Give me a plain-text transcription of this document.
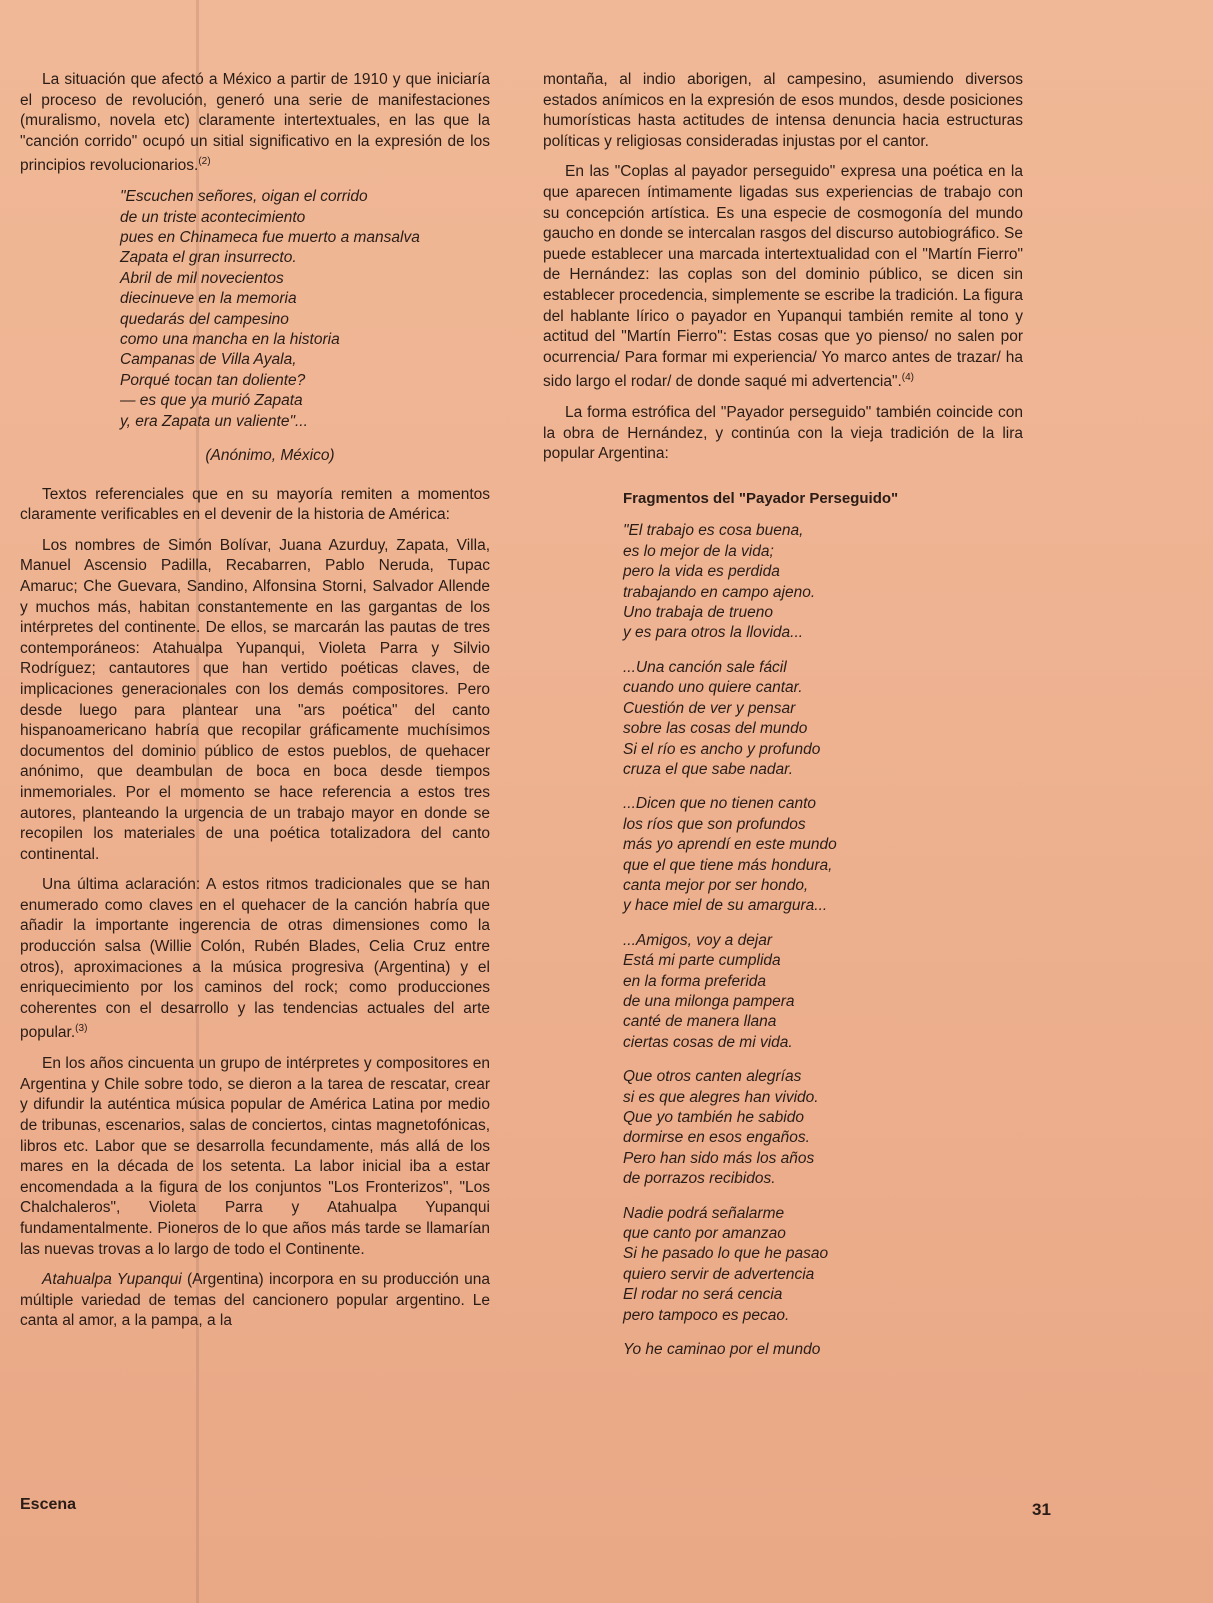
La situación que afectó a México a partir de 1910 y que iniciaría el proceso de revolución, generó una serie de manifestaciones (muralismo, novela etc) claramente intertextuales, en las que la "canción corrido" ocupó un sitial significativo en la expresión de los principios revolucionarios.$^{(2)}$

"Escuchen señores, oigan el corrido
de un triste acontecimiento
pues en Chinameca fue muerto a mansalva
Zapata el gran insurrecto.
Abril de mil novecientos
diecinueve en la memoria
quedarás del campesino
como una mancha en la historia
Campanas de Villa Ayala,
Porqué tocan tan doliente?
— es que ya murió Zapata
y, era Zapata un valiente"...
(Anónimo, México)

Textos referenciales que en su mayoría remiten a momentos claramente verificables en el devenir de la historia de América:

Los nombres de Simón Bolívar, Juana Azurduy, Zapata, Villa, Manuel Ascensio Padilla, Recabarren, Pablo Neruda, Tupac Amaruc; Che Guevara, Sandino, Alfonsina Storni, Salvador Allende y muchos más, habitan constantemente en las gargantas de los intérpretes del continente. De ellos, se marcarán las pautas de tres contemporáneos: Atahualpa Yupanqui, Violeta Parra y Silvio Rodríguez; cantautores que han vertido poéticas claves, de implicaciones generacionales con los demás compositores. Pero desde luego para plantear una "ars poética" del canto hispanoamericano habría que recopilar gráficamente muchísimos documentos del dominio público de estos pueblos, de quehacer anónimo, que deambulan de boca en boca desde tiempos inmemoriales. Por el momento se hace referencia a estos tres autores, planteando la urgencia de un trabajo mayor en donde se recopilen los materiales de una poética totalizadora del canto continental.

Una última aclaración: A estos ritmos tradicionales que se han enumerado como claves en el quehacer de la canción habría que añadir la importante ingerencia de otras dimensiones como la producción salsa (Willie Colón, Rubén Blades, Celia Cruz entre otros), aproximaciones a la música progresiva (Argentina) y el enriquecimiento por los caminos del rock; como producciones coherentes con el desarrollo y las tendencias actuales del arte popular.$^{(3)}$

En los años cincuenta un grupo de intérpretes y compositores en Argentina y Chile sobre todo, se dieron a la tarea de rescatar, crear y difundir la auténtica música popular de América Latina por medio de tribunas, escenarios, salas de conciertos, cintas magnetofónicas, libros etc. Labor que se desarrolla fecundamente, más allá de los mares en la década de los setenta. La labor inicial iba a estar encomendada a la figura de los conjuntos "Los Fronterizos", "Los Chalchaleros", Violeta Parra y Atahualpa Yupanqui fundamentalmente. Pioneros de lo que años más tarde se llamarían las nuevas trovas a lo largo de todo el Continente.

Atahualpa Yupanqui (Argentina) incorpora en su producción una múltiple variedad de temas del cancionero popular argentino. Le canta al amor, a la pampa, a la

montaña, al indio aborigen, al campesino, asumiendo diversos estados anímicos en la expresión de esos mundos, desde posiciones humorísticas hasta actitudes de intensa denuncia hacia estructuras políticas y religiosas consideradas injustas por el cantor.

En las "Coplas al payador perseguido" expresa una poética en la que aparecen íntimamente ligadas sus experiencias de trabajo con su concepción artística. Es una especie de cosmogonía del mundo gaucho en donde se intercalan rasgos del discurso autobiográfico. Se puede establecer una marcada intertextualidad con el "Martín Fierro" de Hernández: las coplas son del dominio público, se dicen sin establecer procedencia, simplemente se escribe la tradición. La figura del hablante lírico o payador en Yupanqui también remite al tono y actitud del "Martín Fierro": Estas cosas que yo pienso/ no salen por ocurrencia/ Para formar mi experiencia/ Yo marco antes de trazar/ ha sido largo el rodar/ de donde saqué mi advertencia".$^{(4)}$

La forma estrófica del "Payador perseguido" también coincide con la obra de Hernández, y continúa con la vieja tradición de la lira popular Argentina:

Fragmentos del "Payador Perseguido"
"El trabajo es cosa buena,
es lo mejor de la vida;
pero la vida es perdida
trabajando en campo ajeno.
Uno trabaja de trueno
y es para otros la llovida...
...Una canción sale fácil
cuando uno quiere cantar.
Cuestión de ver y pensar
sobre las cosas del mundo
Si el río es ancho y profundo
cruza el que sabe nadar.
...Dicen que no tienen canto
los ríos que son profundos
más yo aprendí en este mundo
que el que tiene más hondura,
canta mejor por ser hondo,
y hace miel de su amargura...
...Amigos, voy a dejar
Está mi parte cumplida
en la forma preferida
de una milonga pampera
canté de manera llana
ciertas cosas de mi vida.
Que otros canten alegrías
si es que alegres han vivido.
Que yo también he sabido
dormirse en esos engaños.
Pero han sido más los años
de porrazos recibidos.
Nadie podrá señalarme
que canto por amanzao
Si he pasado lo que he pasao
quiero servir de advertencia
El rodar no será cencia
pero tampoco es pecao.
Yo he caminao por el mundo
Escena	31
